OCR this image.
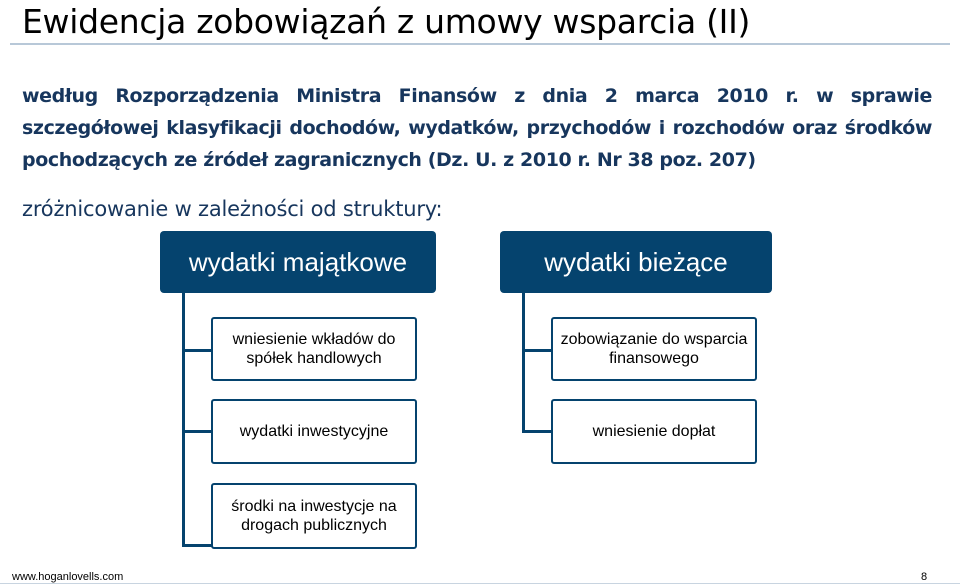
Ewidencja zobowiązań z umowy wsparcia (II)

według Rozporządzenia Ministra Finansów z dnia 2 marca 2010 r. w sprawie szczegółowej klasyfikacji dochodów, wydatków, przychodów i rozchodów oraz środków pochodzących ze źródeł zagranicznych (Dz. U. z 2010 r. Nr 38 poz. 207)

zróżnicowanie w zależności od struktury:

wydatki majątkowe
wniesienie wkładów do spółek handlowych
wydatki inwestycyjne
środki na inwestycje na drogach publicznych
wydatki bieżące
zobowiązanie do wsparcia finansowego
wniesienie dopłat
www.hoganlovells.com	8
